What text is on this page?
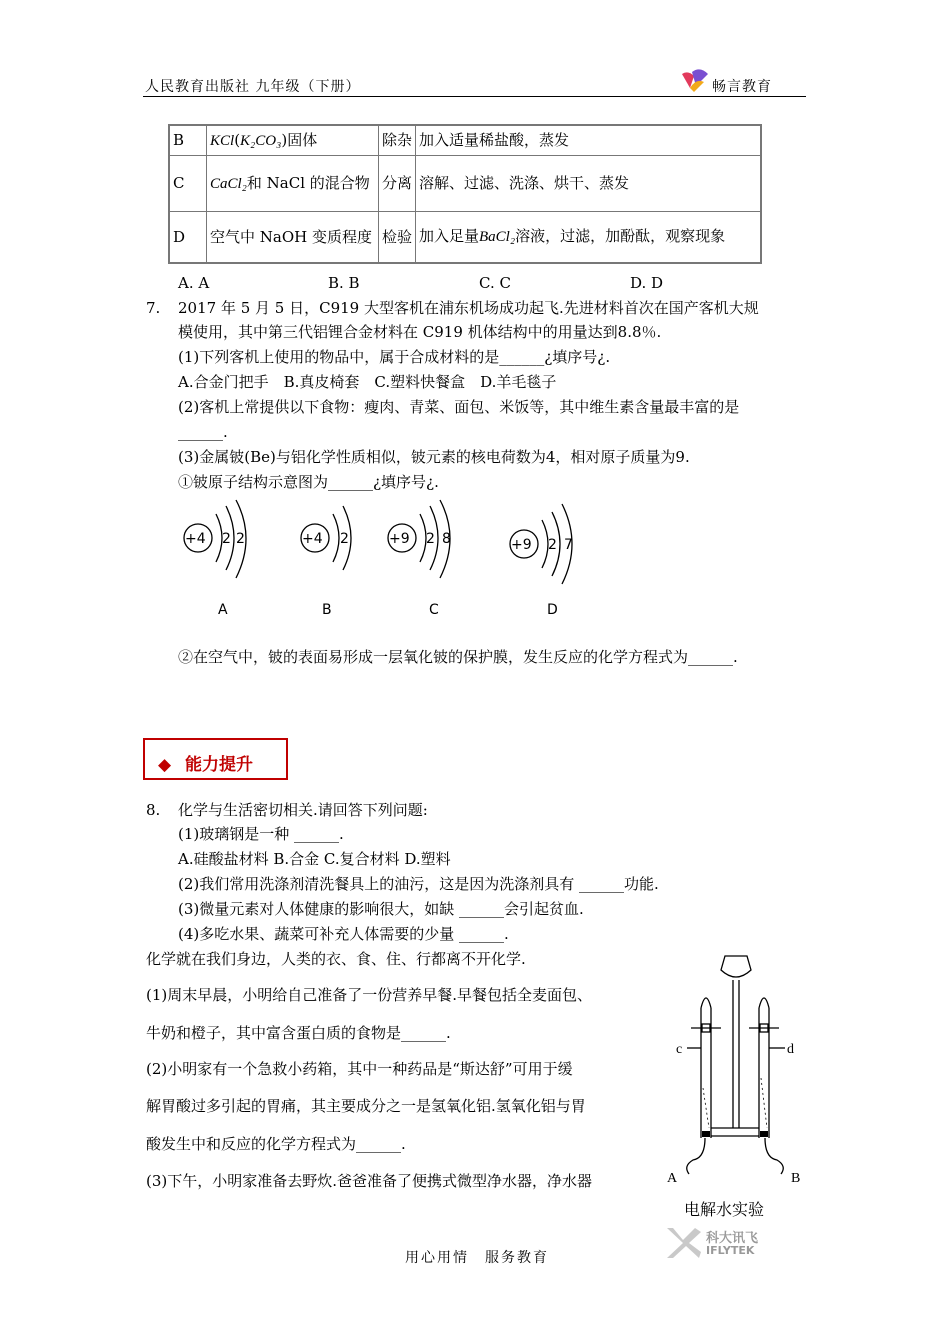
人民教育出版社 九年级（下册）	畅言教育
B	KCl(K₂CO₃)固体	除杂	加入适量稀盐酸，蒸发
C	CaCl₂和 NaCl 的混合物	分离	溶解、过滤、洗涤、烘干、蒸发
D	空气中 NaOH 变质程度	检验	加入足量BaCl₂溶液，过滤，加酚酞，观察现象
A. A	B. B	C. C	D. D
7. 2017 年 5 月 5 日，C919 大型客机在浦东机场成功起飞.先进材料首次在国产客机大规
模使用，其中第三代铝锂合金材料在 C919 机体结构中的用量达到8.8％.
(1)下列客机上使用的物品中，属于合成材料的是______¿填序号¿.
A.合金门把手　B.真皮椅套　C.塑料快餐盒　D.羊毛毯子
(2)客机上常提供以下食物：瘦肉、青菜、面包、米饭等，其中维生素含量最丰富的是
______.
(3)金属铍(Be)与铝化学性质相似，铍元素的核电荷数为4，相对原子质量为9.
①铍原子结构示意图为______¿填序号¿.
+4 2 2	+4 2	+9 2 8	+9 2 7
A	B	C	D
②在空气中，铍的表面易形成一层氧化铍的保护膜，发生反应的化学方程式为______.
◆ 能力提升
8. 化学与生活密切相关.请回答下列问题:
(1)玻璃钢是一种 ______.
A.硅酸盐材料 B.合金 C.复合材料 D.塑料
(2)我们常用洗涤剂清洗餐具上的油污，这是因为洗涤剂具有 ______功能.
(3)微量元素对人体健康的影响很大，如缺 ______会引起贫血.
(4)多吃水果、蔬菜可补充人体需要的少量 ______.
化学就在我们身边，人类的衣、食、住、行都离不开化学.
(1)周末早晨，小明给自己准备了一份营养早餐.早餐包括全麦面包、
牛奶和橙子，其中富含蛋白质的食物是______.
(2)小明家有一个急救小药箱，其中一种药品是“斯达舒”可用于缓
解胃酸过多引起的胃痛，其主要成分之一是氢氧化铝.氢氧化铝与胃
酸发生中和反应的化学方程式为______.
(3)下午，小明家准备去野炊.爸爸准备了便携式微型净水器，净水器
c	d
A	B
电解水实验
科大讯飞
IFLYTEK
用心用情　服务教育
